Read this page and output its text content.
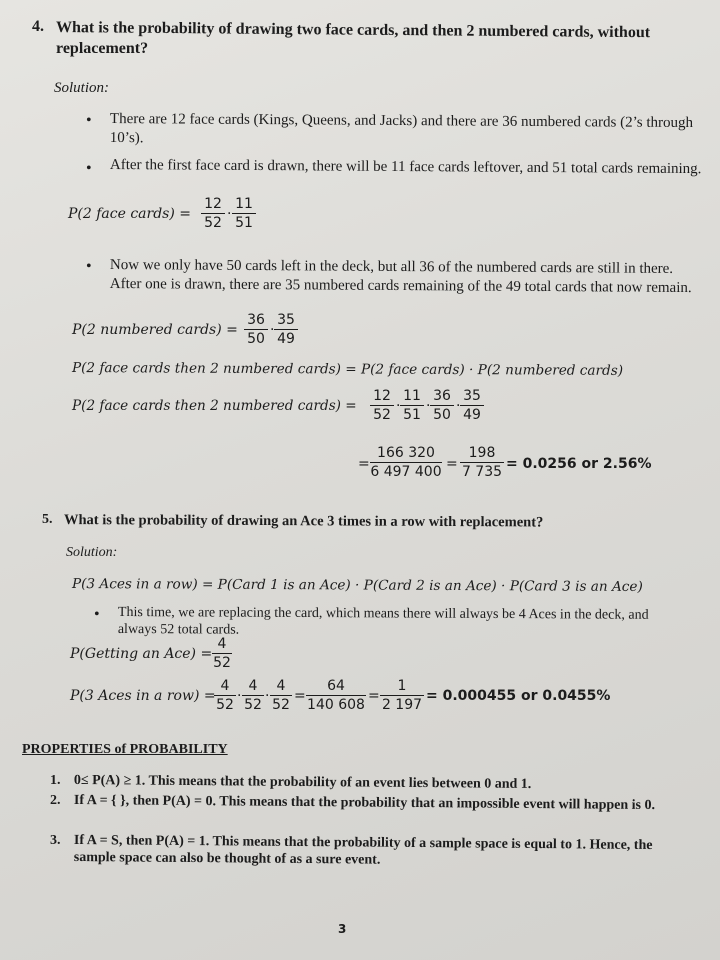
4. What is the probability of drawing two face cards, and then 2 numbered cards, without
replacement?
Solution:
• There are 12 face cards (Kings, Queens, and Jacks) and there are 36 numbered cards (2’s through 10’s).
• After the first face card is drawn, there will be 11 face cards leftover, and 51 total cards remaining.
P(2 face cards) =
12
52
·
11
51
• Now we only have 50 cards left in the deck, but all 36 of the numbered cards are still in there. After one is drawn, there are 35 numbered cards remaining of the 49 total cards that now remain.
P(2 numbered cards) =
36
50
·
35
49
P(2 face cards then 2 numbered cards) = P(2 face cards) · P(2 numbered cards)
P(2 face cards then 2 numbered cards) =
12
52
·
11
51
·
36
50
·
35
49
=
166 320
6 497 400 =
198
7 735 = 0.0256 or 2.56%
5. What is the probability of drawing an Ace 3 times in a row with replacement?
Solution:
P(3 Aces in a row) = P(Card 1 is an Ace) · P(Card 2 is an Ace) · P(Card 3 is an Ace)
• This time, we are replacing the card, which means there will always be 4 Aces in the deck, and always 52 total cards.
P(Getting an Ace) =
4
52
P(3 Aces in a row) =
4
52
·
4
52
·
4
52
=
64
140 608
=
1
2 197
= 0.000455 or 0.0455%
PROPERTIES of PROBABILITY
1. 0≤ P(A) ≥ 1. This means that the probability of an event lies between 0 and 1.
2. If A = { }, then P(A) = 0. This means that the probability that an impossible event will happen is 0.
3. If A = S, then P(A) = 1. This means that the probability of a sample space is equal to 1. Hence, the sample space can also be thought of as a sure event.
3
